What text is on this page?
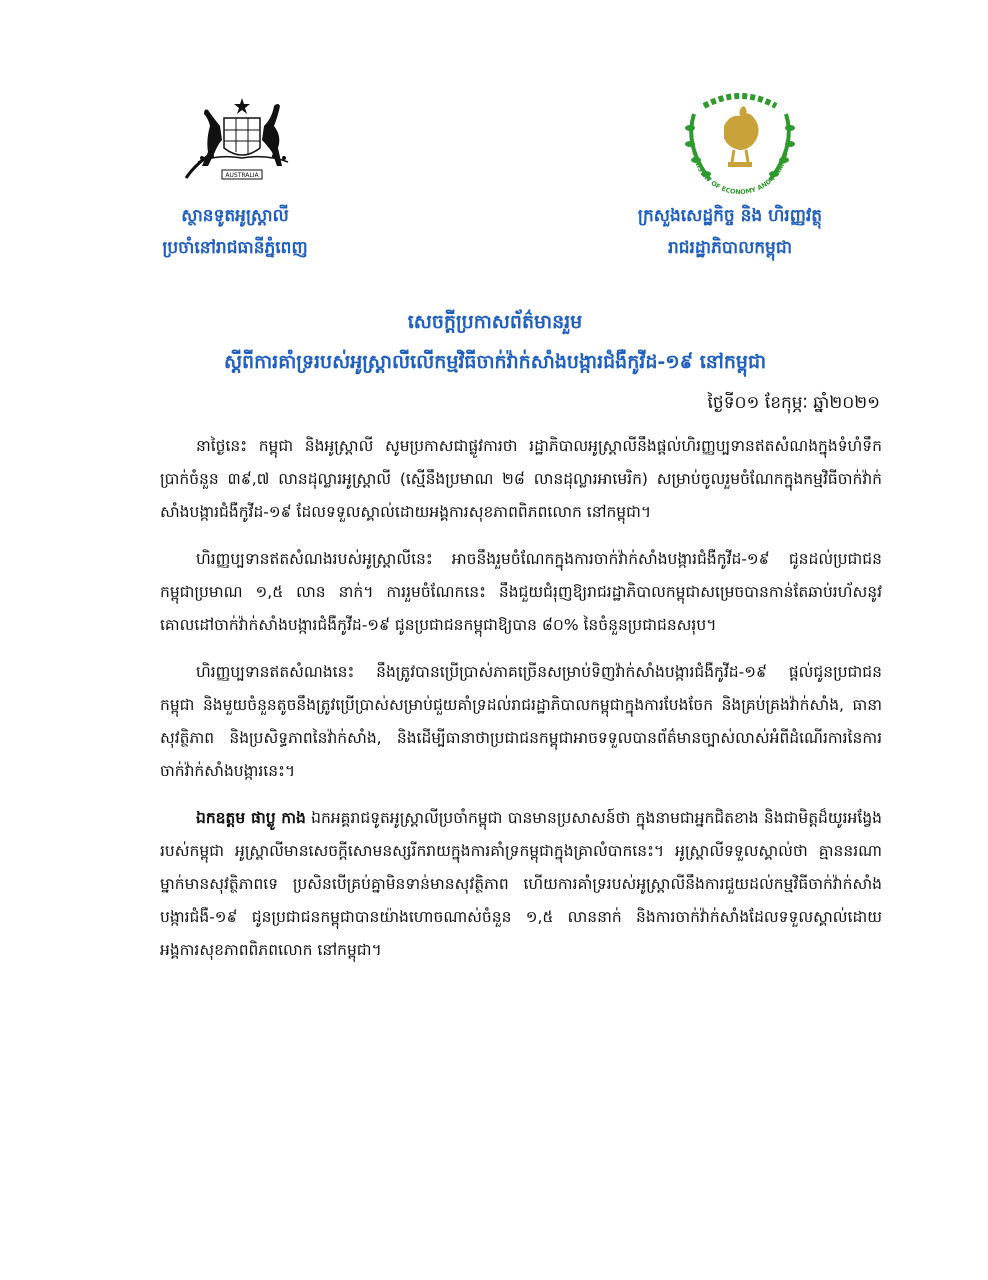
AUSTRALIA
MINISTRY OF ECONOMY AND FINANCE
ស្ថានទូតអូស្ត្រាលី
ប្រចាំនៅរាជធានីភ្នំពេញ
ក្រសួងសេដ្ឋកិច្ច និង ហិរញ្ញវត្ថុ
រាជរដ្ឋាភិបាលកម្ពុជា
សេចក្តីប្រកាសព័ត៌មានរួម
ស្តីពីការគាំទ្ររបស់អូស្ត្រាលីលើកម្មវិធីចាក់វ៉ាក់សាំងបង្ការជំងឺកូវីដ-១៩ នៅកម្ពុជា
ថ្ងៃទី០១ ខែកុម្ភៈ ឆ្នាំ២០២១

នាថ្ងៃនេះ កម្ពុជា និងអូស្ត្រាលី សូមប្រកាសជាផ្លូវការថា រដ្ឋាភិបាលអូស្ត្រាលីនឹងផ្តល់ហិរញ្ញប្បទានឥតសំណងក្នុងទំហំទឹកប្រាក់ចំនួន ៣៩,៧ លានដុល្លារអូស្ត្រាលី (ស្មើនឹងប្រមាណ ២៨ លានដុល្លារអាមេរិក) សម្រាប់ចូលរួមចំណែកក្នុងកម្មវិធីចាក់វ៉ាក់សាំងបង្ការជំងឺកូវីដ-១៩ ដែលទទួលស្គាល់ដោយអង្គការសុខភាពពិភពលោក នៅកម្ពុជា។

ហិរញ្ញប្បទានឥតសំណងរបស់អូស្ត្រាលីនេះ អាចនឹងរួមចំណែកក្នុងការចាក់វ៉ាក់សាំងបង្ការជំងឺកូវីដ-១៩ ជូនដល់ប្រជាជនកម្ពុជាប្រមាណ ១,៥ លាន នាក់។ ការរួមចំណែកនេះ នឹងជួយជំរុញឱ្យរាជរដ្ឋាភិបាលកម្ពុជាសម្រេចបានកាន់តែឆាប់រហ័សនូវគោលដៅចាក់វ៉ាក់សាំងបង្ការជំងឺកូវីដ-១៩ ជូនប្រជាជនកម្ពុជាឱ្យបាន ៨០% នៃចំនួនប្រជាជនសរុប។

ហិរញ្ញប្បទានឥតសំណងនេះ នឹងត្រូវបានប្រើប្រាស់ភាគច្រើនសម្រាប់ទិញវ៉ាក់សាំងបង្ការជំងឺកូវីដ-១៩ ផ្តល់ជូនប្រជាជនកម្ពុជា និងមួយចំនួនតូចនឹងត្រូវប្រើប្រាស់សម្រាប់ជួយគាំទ្រដល់រាជរដ្ឋាភិបាលកម្ពុជាក្នុងការបែងចែក និងគ្រប់គ្រងវ៉ាក់សាំង, ធានាសុវត្ថិភាព និងប្រសិទ្ធភាពនៃវ៉ាក់សាំង, និងដើម្បីធានាថាប្រជាជនកម្ពុជាអាចទទួលបានព័ត៌មានច្បាស់លាស់អំពីដំណើរការនៃការចាក់វ៉ាក់សាំងបង្ការនេះ។

ឯកឧត្តម ផាប្លូ កាង ឯកអគ្គរាជទូតអូស្ត្រាលីប្រចាំកម្ពុជា បានមានប្រសាសន៍ថា ក្នុងនាមជាអ្នកជិតខាង និងជាមិត្តដ៏យូរអង្វែងរបស់កម្ពុជា អូស្ត្រាលីមានសេចក្តីសោមនស្សរីករាយក្នុងការគាំទ្រកម្ពុជាក្នុងគ្រាលំបាកនេះ។ អូស្ត្រាលីទទួលស្គាល់ថា គ្មាននរណាម្នាក់មានសុវត្ថិភាពទេ ប្រសិនបើគ្រប់គ្នាមិនទាន់មានសុវត្ថិភាព ហើយការគាំទ្ររបស់អូស្ត្រាលីនឹងការជួយដល់កម្មវិធីចាក់វ៉ាក់សាំងបង្ការជំងឺ-១៩ ជូនប្រជាជនកម្ពុជាបានយ៉ាងហោចណាស់ចំនួន ១,៥ លាននាក់ និងការចាក់វ៉ាក់សាំងដែលទទួលស្គាល់ដោយអង្គការសុខភាពពិភពលោក នៅកម្ពុជា។
